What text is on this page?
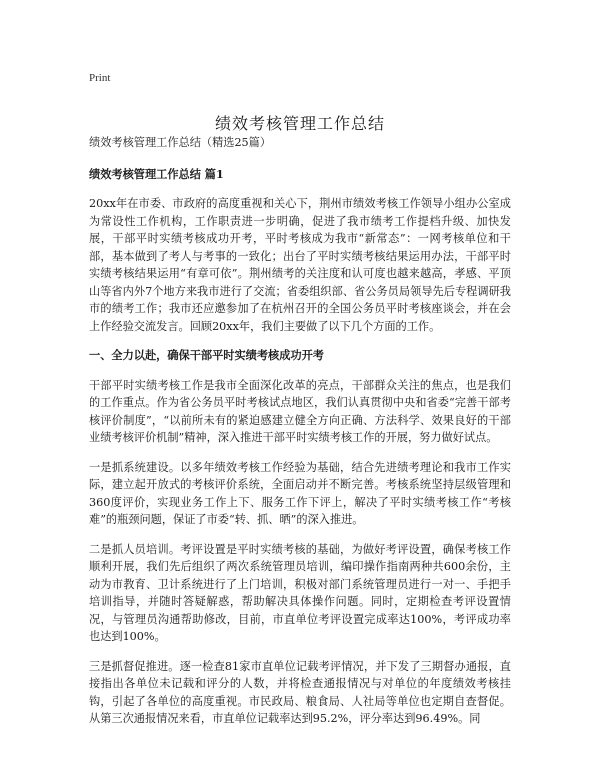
Print
绩效考核管理工作总结

绩效考核管理工作总结（精选25篇）

绩效考核管理工作总结 篇1

20xx年在市委、市政府的高度重视和关心下，荆州市绩效考核工作领导小组办公室成为常设性工作机构，工作职责进一步明确，促进了我市绩考工作提档升级、加快发展，干部平时实绩考核成功开考，平时考核成为我市“新常态”：一网考核单位和干部，基本做到了考人与考事的一致化；出台了平时实绩考核结果运用办法，干部平时实绩考核结果运用“有章可依”。荆州绩考的关注度和认可度也越来越高，孝感、平顶山等省内外7个地方来我市进行了交流；省委组织部、省公务员局领导先后专程调研我市的绩考工作；我市还应邀参加了在杭州召开的全国公务员平时考核座谈会，并在会上作经验交流发言。回顾20xx年，我们主要做了以下几个方面的工作。

一、全力以赴，确保干部平时实绩考核成功开考

干部平时实绩考核工作是我市全面深化改革的亮点，干部群众关注的焦点，也是我们的工作重点。作为省公务员平时考核试点地区，我们认真贯彻中央和省委“完善干部考核评价制度”，“以前所未有的紧迫感建立健全方向正确、方法科学、效果良好的干部业绩考核评价机制”精神，深入推进干部平时实绩考核工作的开展，努力做好试点。

一是抓系统建设。以多年绩效考核工作经验为基础，结合先进绩考理论和我市工作实际，建立起开放式的考核评价系统，全面启动并不断完善。考核系统坚持层级管理和360度评价，实现业务工作上下、服务工作下评上，解决了平时实绩考核工作“考核难”的瓶颈问题，保证了市委“转、抓、晒”的深入推进。

二是抓人员培训。考评设置是平时实绩考核的基础，为做好考评设置，确保考核工作顺利开展，我们先后组织了两次系统管理员培训，编印操作指南两种共600余份，主动为市教育、卫计系统进行了上门培训，积极对部门系统管理员进行一对一、手把手培训指导，并随时答疑解惑，帮助解决具体操作问题。同时，定期检查考评设置情况，与管理员沟通帮助修改，目前，市直单位考评设置完成率达100%，考评成功率也达到100%。

三是抓督促推进。逐一检查81家市直单位记载考评情况，并下发了三期督办通报，直接指出各单位未记载和评分的人数，并将检查通报情况与对单位的年度绩效考核挂钩，引起了各单位的高度重视。市民政局、粮食局、人社局等单位也定期自查督促。从第三次通报情况来看，市直单位记载率达到95.2%，评分率达到96.49%。同
